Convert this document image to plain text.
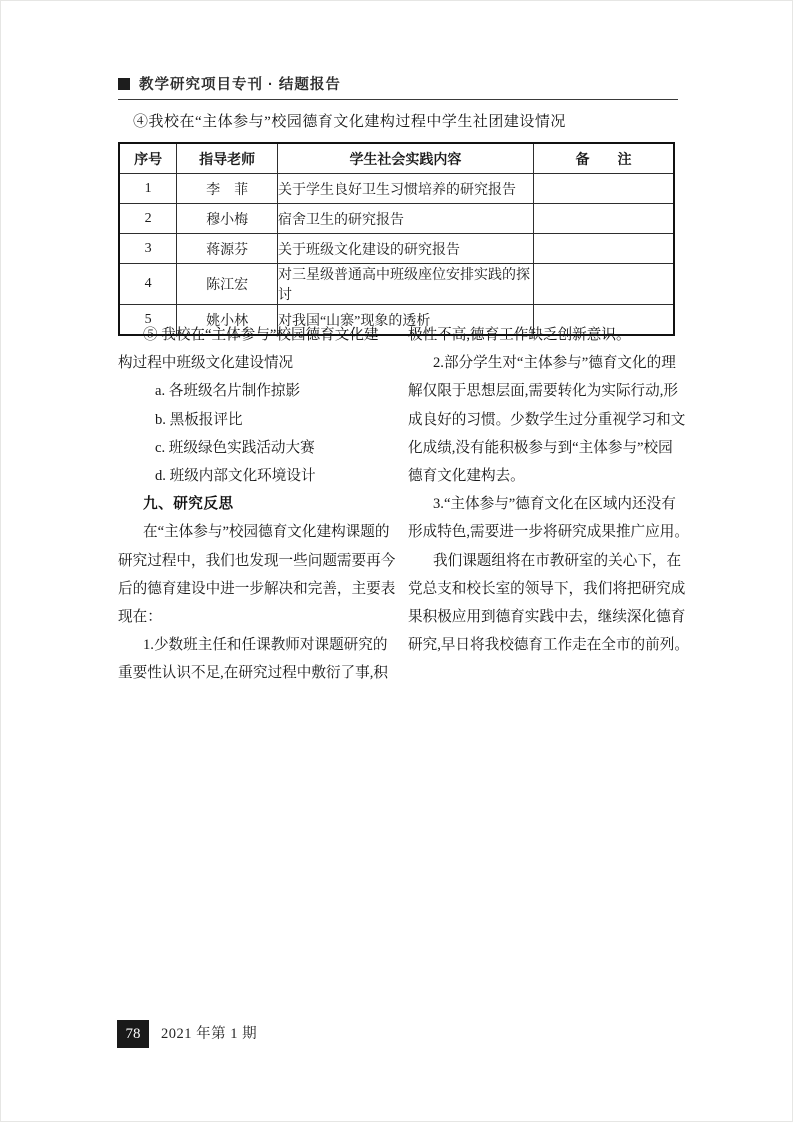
教学研究项目专刊 · 结题报告
④我校在“主体参与”校园德育文化建构过程中学生社团建设情况
序号	指导老师	学生社会实践内容	备　　注
1	李　菲	关于学生良好卫生习惯培养的研究报告	
2	穆小梅	宿舍卫生的研究报告	
3	蒋源芬	关于班级文化建设的研究报告	
4	陈江宏	对三星级普通高中班级座位安排实践的探讨	
5	姚小林	对我国“山寨”现象的透析	
⑤ 我校在“主体参与”校园德育文化建
构过程中班级文化建设情况
a. 各班级名片制作掠影
b. 黑板报评比
c. 班级绿色实践活动大赛
d. 班级内部文化环境设计
九、研究反思
在“主体参与”校园德育文化建构课题的
研究过程中，我们也发现一些问题需要再今
后的德育建设中进一步解决和完善，主要表
现在：
1.少数班主任和任课教师对课题研究的
重要性认识不足,在研究过程中敷衍了事,积
极性不高,德育工作缺乏创新意识。
2.部分学生对“主体参与”德育文化的理
解仅限于思想层面,需要转化为实际行动,形
成良好的习惯。少数学生过分重视学习和文
化成绩,没有能积极参与到“主体参与”校园
德育文化建构去。
3.“主体参与”德育文化在区域内还没有
形成特色,需要进一步将研究成果推广应用。
我们课题组将在市教研室的关心下，在
党总支和校长室的领导下，我们将把研究成
果积极应用到德育实践中去，继续深化德育
研究,早日将我校德育工作走在全市的前列。
78	2021 年第 1 期
